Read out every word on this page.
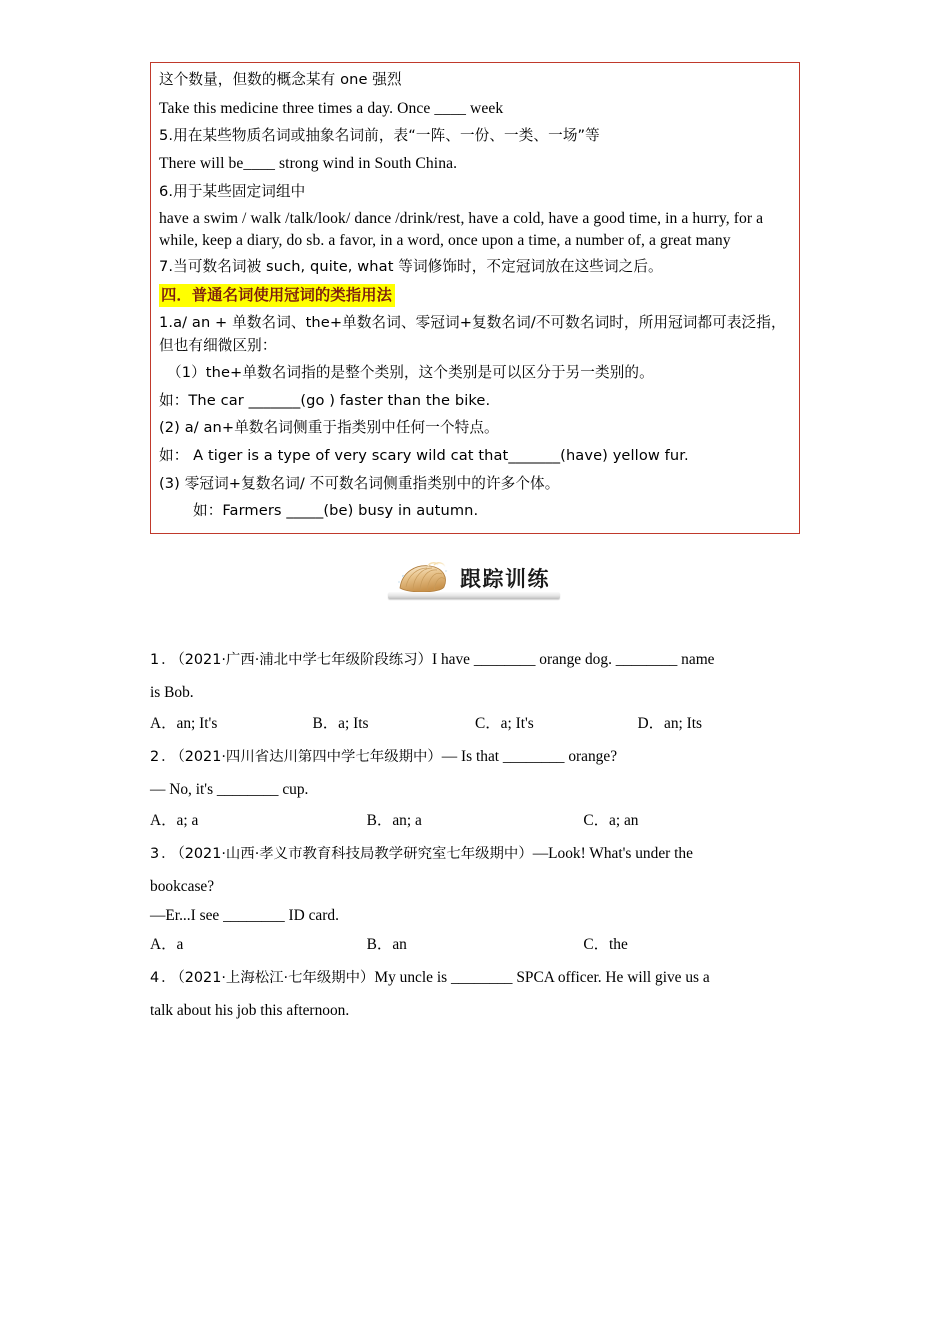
这个数量，但数的概念某有 one 强烈
Take this medicine three times a day. Once ____ week
5.用在某些物质名词或抽象名词前，表“一阵、一份、一类、一场”等
There will be____ strong wind in South China.
6.用于某些固定词组中
have a swim / walk /talk/look/ dance /drink/rest, have a cold, have a good time, in a hurry, for a while, keep a diary, do sb. a favor, in a word, once upon a time, a number of, a great many
7.当可数名词被 such, quite, what 等词修饰时，不定冠词放在这些词之后。
四．普通名词使用冠词的类指用法
1.a/ an + 单数名词、the+单数名词、零冠词+复数名词/不可数名词时，所用冠词都可表泛指，但也有细微区别：
（1）the+单数名词指的是整个类别，这个类别是可以区分于另一类别的。
如：The car _______(go ) faster than the bike.
(2) a/ an+单数名词侧重于指类别中任何一个特点。
如： A tiger is a type of very scary wild cat that_______(have) yellow fur.
(3) 零冠词+复数名词/ 不可数名词侧重指类别中的许多个体。
如：Farmers _____(be) busy in autumn.
跟踪训练
1．（2021·广西·浦北中学七年级阶段练习）I have ________ orange dog. ________ name
is Bob.
A．an; It's	B．a; Its	C．a; It's	D．an; Its
2．（2021·四川省达川第四中学七年级期中）— Is that ________ orange?
— No, it's ________ cup.
A．a; a	B．an; a	C．a; an
3．（2021·山西·孝义市教育科技局教学研究室七年级期中）—Look! What's under the
bookcase?
—Er...I see ________ ID card.
A．a	B．an	C．the
4．（2021·上海松江·七年级期中）My uncle is ________ SPCA officer. He will give us a
talk about his job this afternoon.
